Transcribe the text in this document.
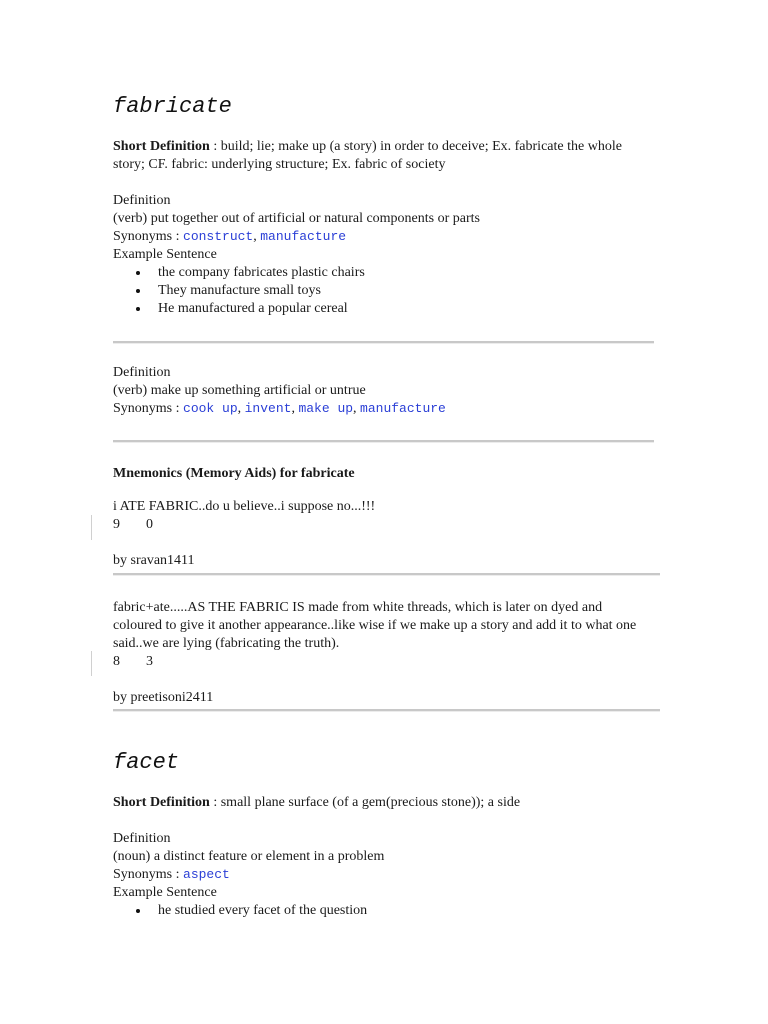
fabricate
Short Definition : build; lie; make up (a story) in order to deceive; Ex. fabricate the whole story; CF. fabric: underlying structure; Ex. fabric of society
Definition
(verb) put together out of artificial or natural components or parts
Synonyms : construct, manufacture
Example Sentence
the company fabricates plastic chairs
They manufacture small toys
He manufactured a popular cereal
Definition
(verb) make up something artificial or untrue
Synonyms : cook up, invent, make up, manufacture
Mnemonics (Memory Aids) for fabricate
i ATE FABRIC..do u believe..i suppose no...!!!
9 0
by sravan1411
fabric+ate.....AS THE FABRIC IS made from white threads, which is later on dyed and coloured to give it another appearance..like wise if we make up a story and add it to what one said..we are lying (fabricating the truth).
8 3
by preetisoni2411
facet
Short Definition : small plane surface (of a gem(precious stone)); a side
Definition
(noun) a distinct feature or element in a problem
Synonyms : aspect
Example Sentence
he studied every facet of the question
